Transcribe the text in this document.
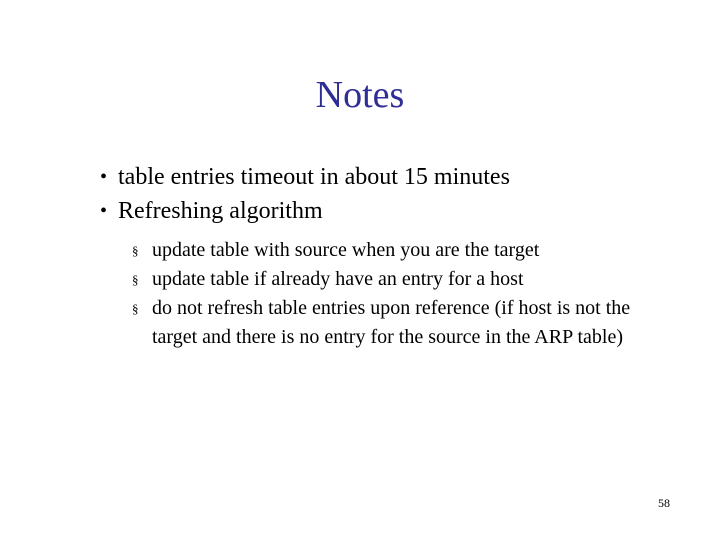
Notes
• table entries timeout in about 15 minutes
• Refreshing algorithm
§ update table with source when you are the target
§ update table if already have an entry for a host
§ do not refresh table entries upon reference (if host is not the target and there is no entry for the source in the ARP table)
58
